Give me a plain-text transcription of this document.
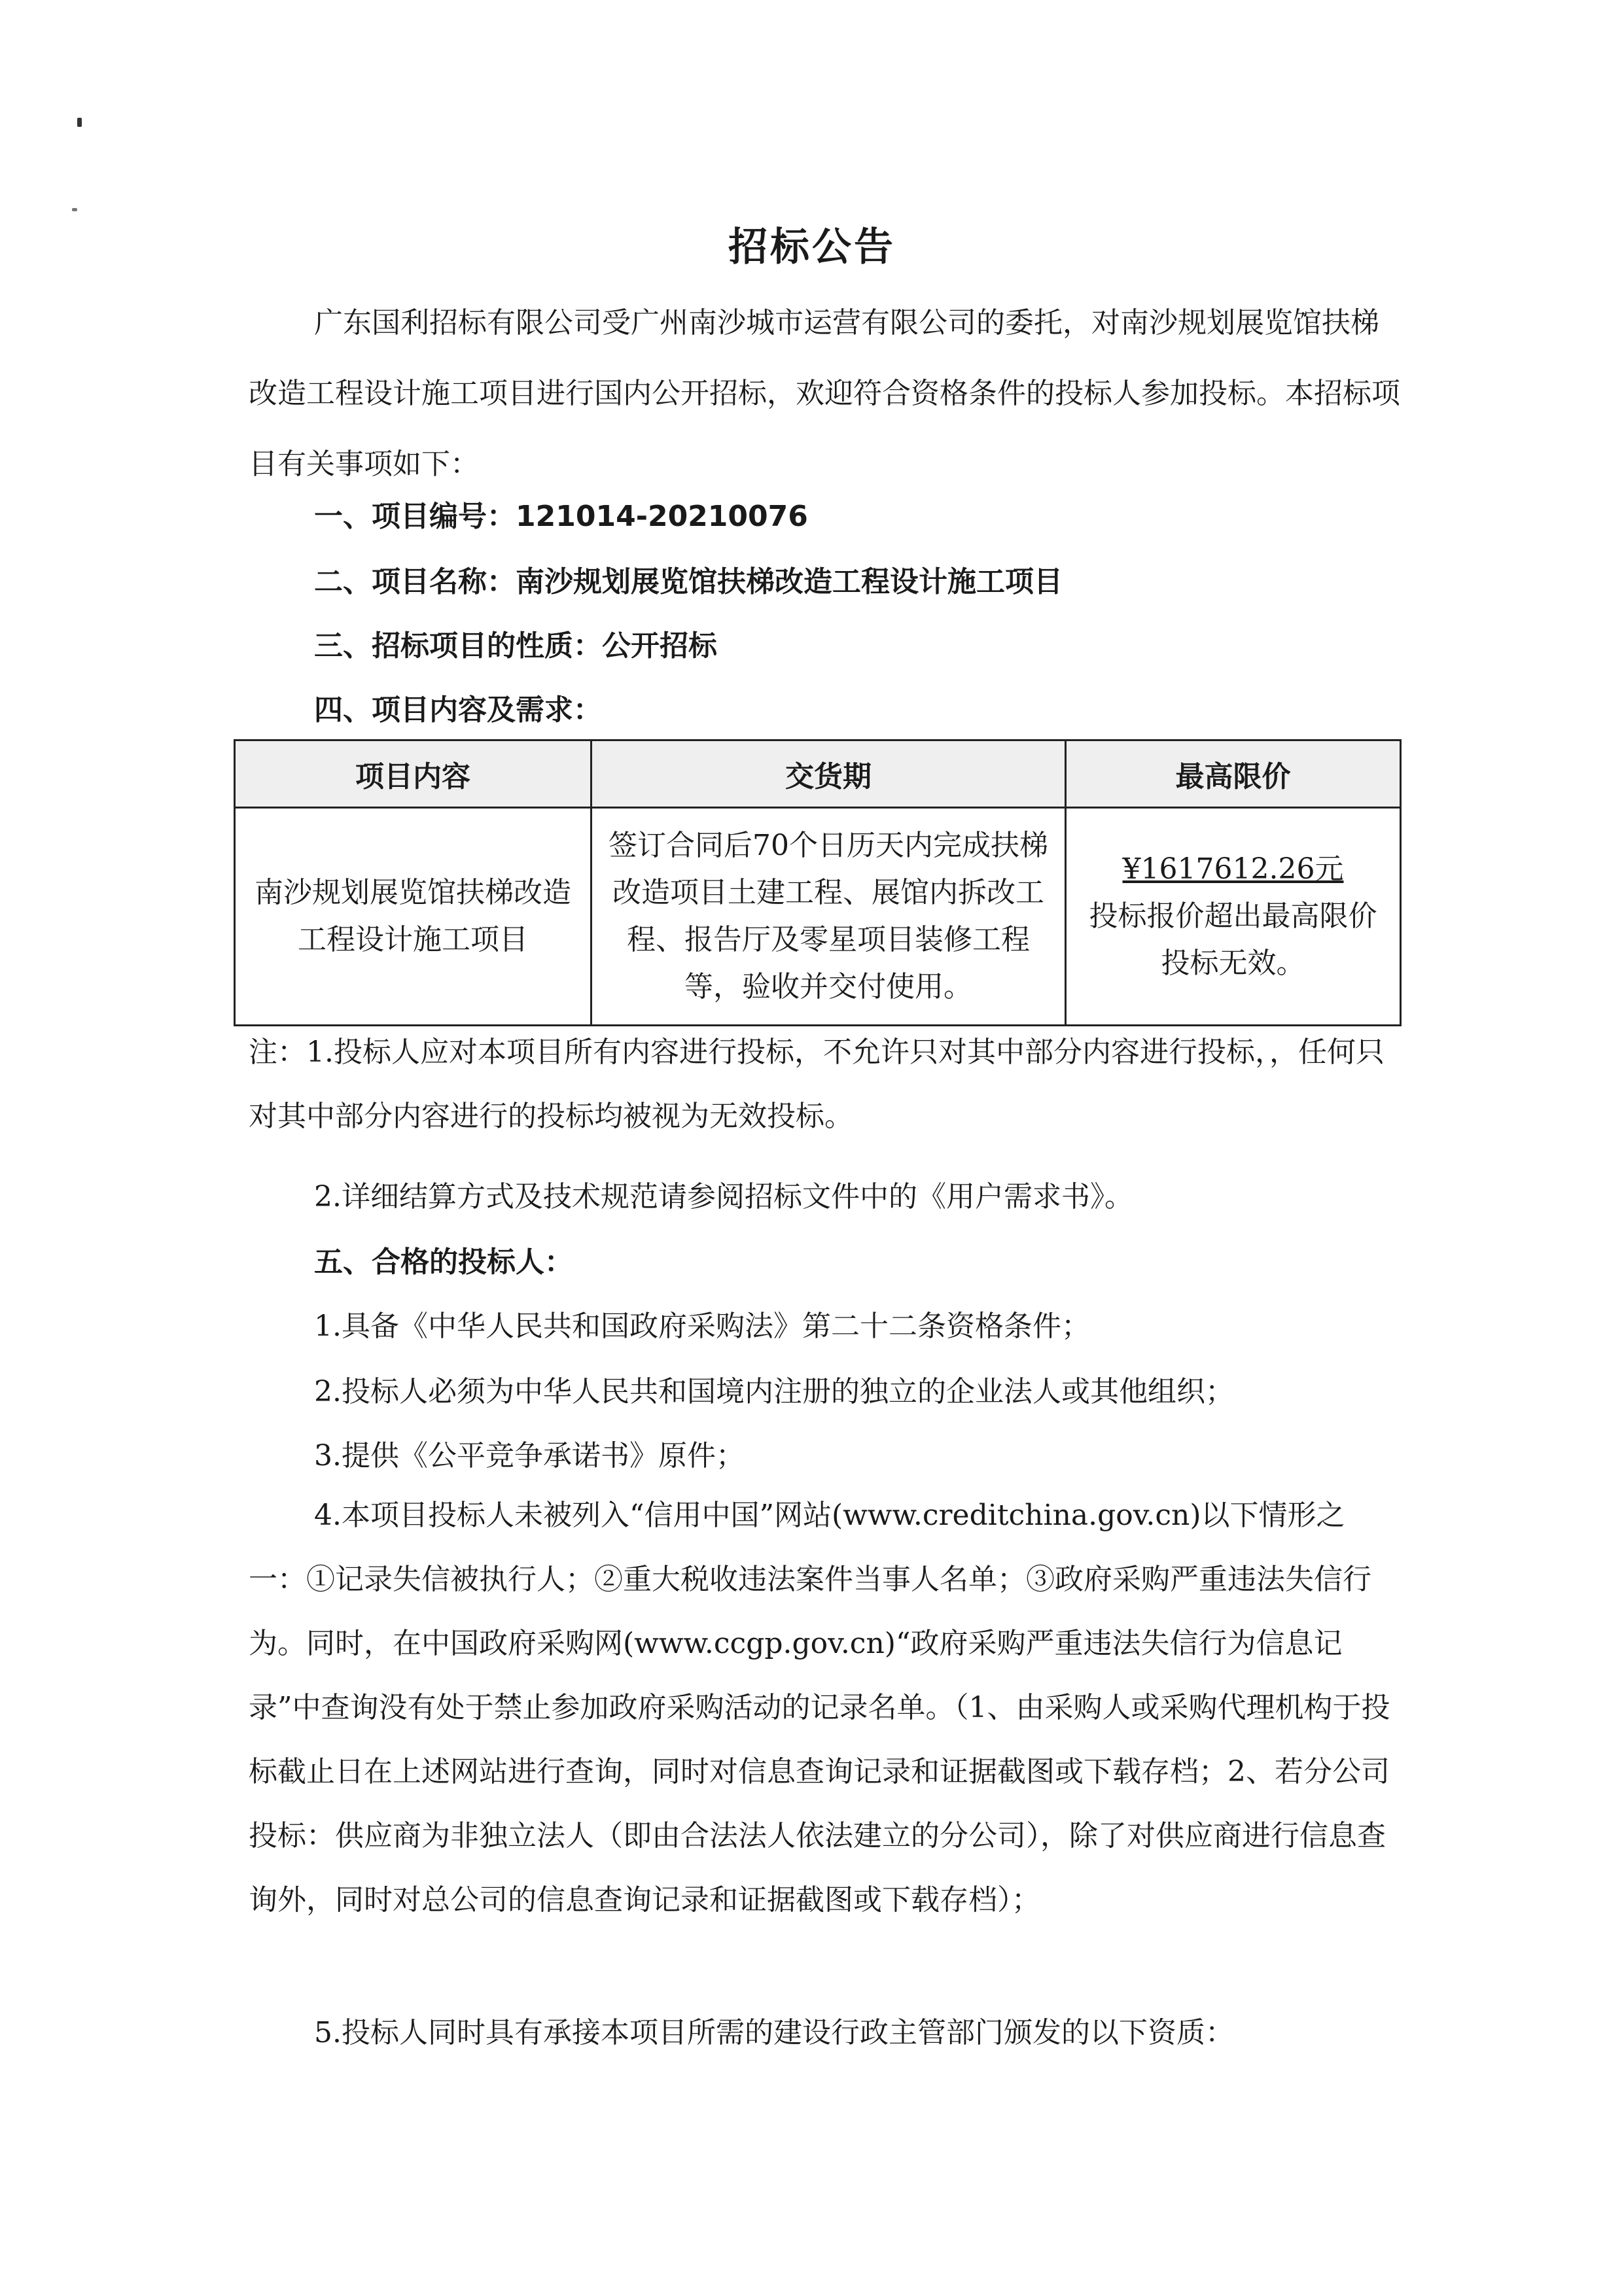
招标公告
广东国利招标有限公司受广州南沙城市运营有限公司的委托，对南沙规划展览馆扶梯改造工程设计施工项目进行国内公开招标，欢迎符合资格条件的投标人参加投标。本招标项目有关事项如下：
一、项目编号：121014-20210076
二、项目名称：南沙规划展览馆扶梯改造工程设计施工项目
三、招标项目的性质：公开招标
四、项目内容及需求：
项目内容	交货期	最高限价
南沙规划展览馆扶梯改造工程设计施工项目	签订合同后70个日历天内完成扶梯改造项目土建工程、展馆内拆改工程、报告厅及零星项目装修工程等，验收并交付使用。	¥1617612.26元
投标报价超出最高限价投标无效。
注：1.投标人应对本项目所有内容进行投标，不允许只对其中部分内容进行投标，，任何只对其中部分内容进行的投标均被视为无效投标。
2.详细结算方式及技术规范请参阅招标文件中的《用户需求书》。
五、合格的投标人：
1.具备《中华人民共和国政府采购法》第二十二条资格条件；
2.投标人必须为中华人民共和国境内注册的独立的企业法人或其他组织；
3.提供《公平竞争承诺书》原件；
4.本项目投标人未被列入“信用中国”网站(www.creditchina.gov.cn)以下情形之一：①记录失信被执行人；②重大税收违法案件当事人名单；③政府采购严重违法失信行为。同时，在中国政府采购网(www.ccgp.gov.cn)“政府采购严重违法失信行为信息记录”中查询没有处于禁止参加政府采购活动的记录名单。（1、由采购人或采购代理机构于投标截止日在上述网站进行查询，同时对信息查询记录和证据截图或下载存档；2、若分公司投标：供应商为非独立法人（即由合法法人依法建立的分公司），除了对供应商进行信息查询外，同时对总公司的信息查询记录和证据截图或下载存档）；
5.投标人同时具有承接本项目所需的建设行政主管部门颁发的以下资质：
